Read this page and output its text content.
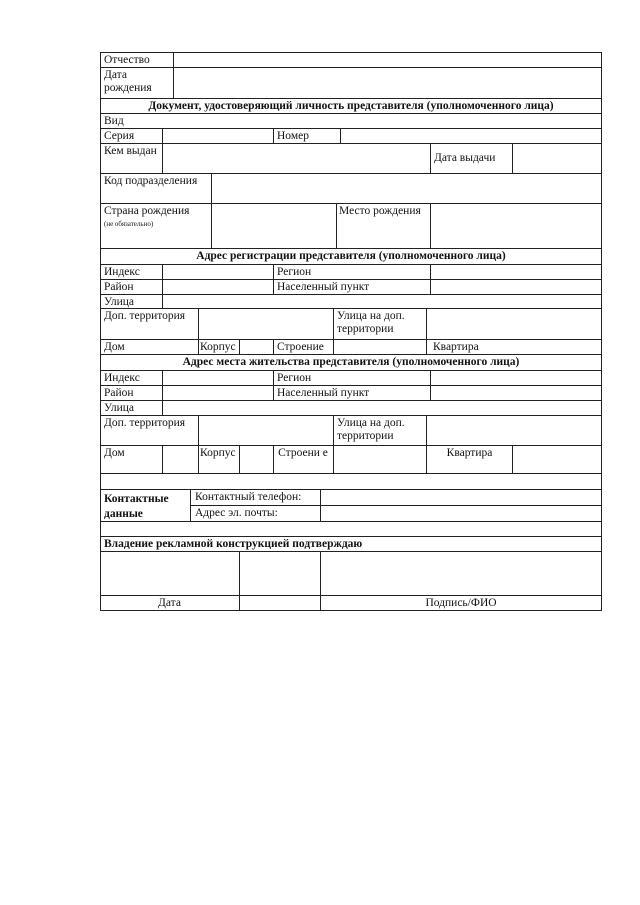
Отчество
Дата рождения
Документ, удостоверяющий личность представителя (уполномоченного лица)
Вид
Серия	Номер
Кем выдан
Дата выдачи
Код подразделения
Страна рождения
(не обязательно)
Место рождения
Адрес регистрации представителя (уполномоченного лица)
Индекс	Регион
Район	Населенный пункт
Улица
Доп. территория	Улица на доп. территории
Дом	Корпус	Строение	Квартира
Адрес места жительства представителя (уполномоченного лица)
Индекс	Регион
Район	Населенный пункт
Улица
Доп. территория	Улица на доп. территории
Дом	Корпус	Строени е	Квартира
Контактные данные
Контактный телефон:
Адрес эл. почты:
Владение рекламной конструкцией подтверждаю
Дата	Подпись/ФИО
